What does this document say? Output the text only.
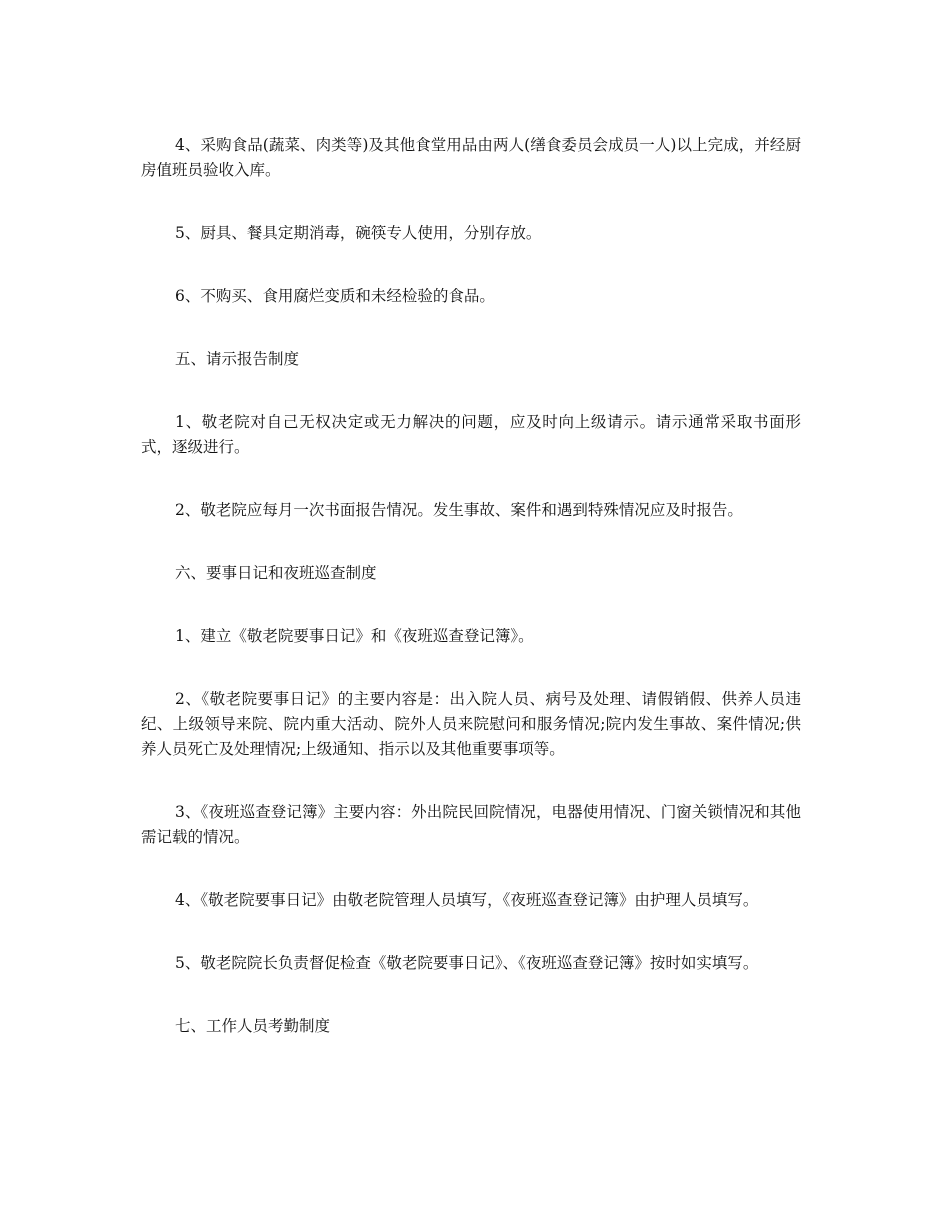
4、采购食品(蔬菜、肉类等)及其他食堂用品由两人(缮食委员会成员一人)以上完成，并经厨房值班员验收入库。

5、厨具、餐具定期消毒，碗筷专人使用，分别存放。

6、不购买、食用腐烂变质和未经检验的食品。

五、请示报告制度

1、敬老院对自己无权决定或无力解决的问题，应及时向上级请示。请示通常采取书面形式，逐级进行。

2、敬老院应每月一次书面报告情况。发生事故、案件和遇到特殊情况应及时报告。

六、要事日记和夜班巡查制度

1、建立《敬老院要事日记》和《夜班巡查登记簿》。

2、《敬老院要事日记》的主要内容是：出入院人员、病号及处理、请假销假、供养人员违纪、上级领导来院、院内重大活动、院外人员来院慰问和服务情况;院内发生事故、案件情况;供养人员死亡及处理情况;上级通知、指示以及其他重要事项等。

3、《夜班巡查登记簿》主要内容：外出院民回院情况，电器使用情况、门窗关锁情况和其他需记载的情况。

4、《敬老院要事日记》由敬老院管理人员填写，《夜班巡查登记簿》由护理人员填写。

5、敬老院院长负责督促检查《敬老院要事日记》、《夜班巡查登记簿》按时如实填写。

七、工作人员考勤制度
